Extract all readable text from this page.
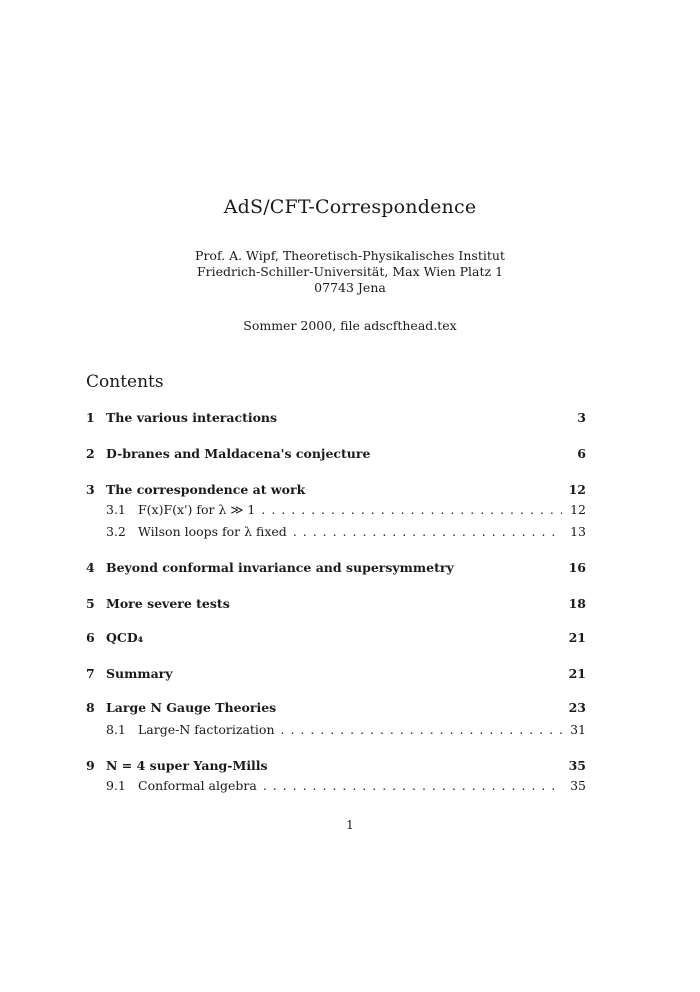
AdS/CFT-Correspondence
Prof. A. Wipf, Theoretisch-Physikalisches Institut
Friedrich-Schiller-Universität, Max Wien Platz 1
07743 Jena
Sommer 2000, file adscfthead.tex
Contents
1 The various interactions	3
2 D-branes and Maldacena's conjecture	6
3 The correspondence at work	12
3.1 F(x)F(x') for λ ≫ 1 . . .	12
3.2 Wilson loops for λ fixed . . .	13
4 Beyond conformal invariance and supersymmetry	16
5 More severe tests	18
6 QCD₄	21
7 Summary	21
8 Large N Gauge Theories	23
8.1 Large-N factorization . . .	31
9 N = 4 super Yang-Mills	35
9.1 Conformal algebra . . .	35
1
